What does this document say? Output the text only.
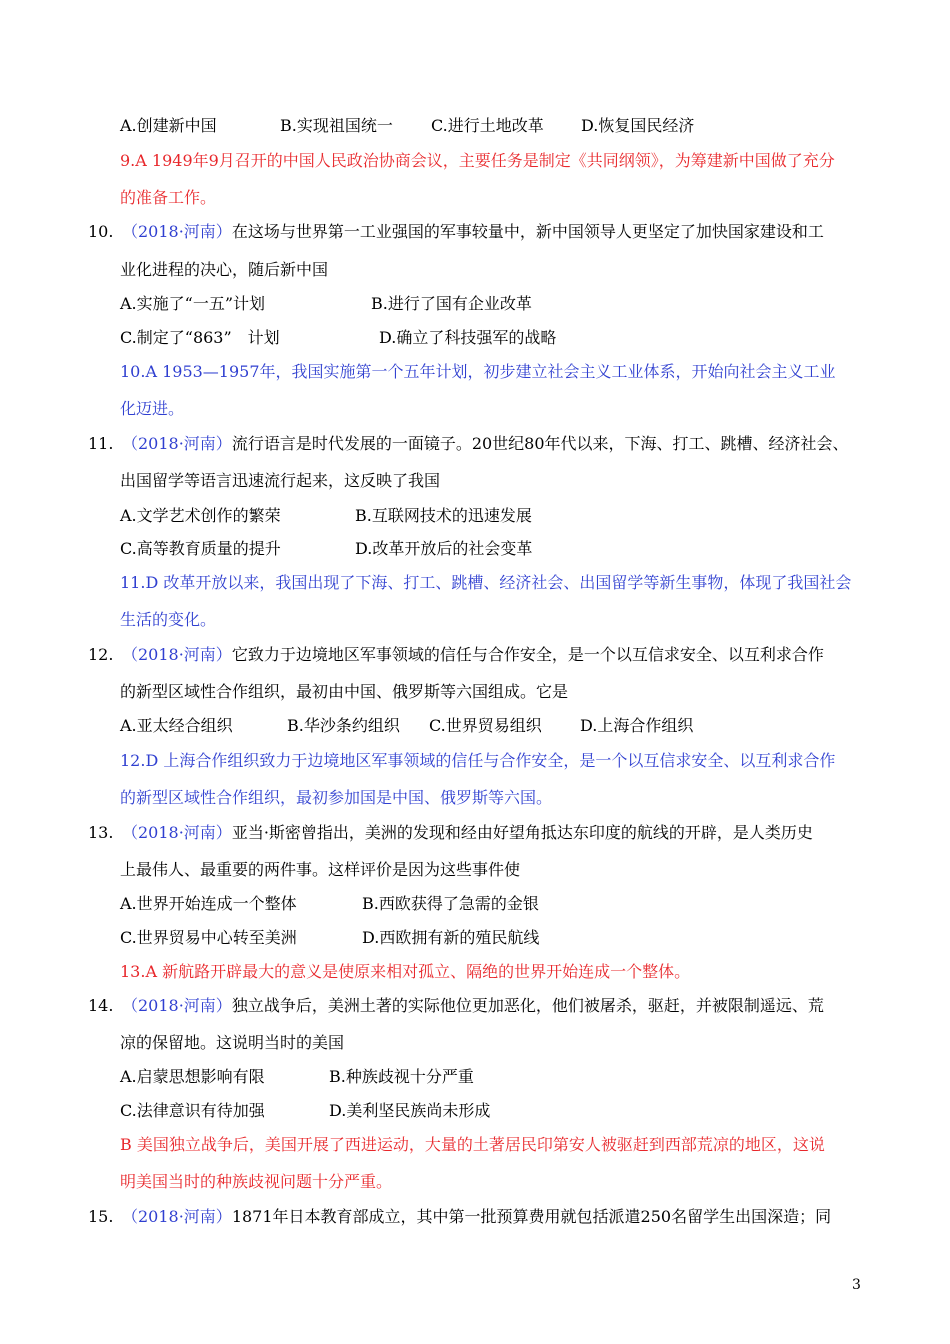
A.创建新中国	B.实现祖国统一 C.进行土地改革 D.恢复国民经济
9.A 1949年9月召开的中国人民政治协商会议，主要任务是制定《共同纲领》，为筹建新中国做了充分
的准备工作。
10. （2018·河南）在这场与世界第一工业强国的军事较量中，新中国领导人更坚定了加快国家建设和工
业化进程的决心，随后新中国
A.实施了“一五”计划	B.进行了国有企业改革
C.制定了“863”　计划	D.确立了科技强军的战略
10.A 1953—1957年，我国实施第一个五年计划，初步建立社会主义工业体系，开始向社会主义工业
化迈进。
11. （2018·河南）流行语言是时代发展的一面镜子。20世纪80年代以来，下海、打工、跳槽、经济社会、
出国留学等语言迅速流行起来，这反映了我国
A.文学艺术创作的繁荣	B.互联网技术的迅速发展
C.高等教育质量的提升	D.改革开放后的社会变革
11.D 改革开放以来，我国出现了下海、打工、跳槽、经济社会、出国留学等新生事物，体现了我国社会
生活的变化。
12. （2018·河南）它致力于边境地区军事领域的信任与合作安全，是一个以互信求安全、以互利求合作
的新型区域性合作组织，最初由中国、俄罗斯等六国组成。它是
A.亚太经合组织	B.华沙条约组织 C.世界贸易组织 D.上海合作组织
12.D 上海合作组织致力于边境地区军事领域的信任与合作安全，是一个以互信求安全、以互利求合作
的新型区域性合作组织，最初参加国是中国、俄罗斯等六国。
13. （2018·河南）亚当·斯密曾指出，美洲的发现和经由好望角抵达东印度的航线的开辟，是人类历史
上最伟人、最重要的两件事。这样评价是因为这些事件使
A.世界开始连成一个整体	B.西欧获得了急需的金银
C.世界贸易中心转至美洲	D.西欧拥有新的殖民航线
13.A 新航路开辟最大的意义是使原来相对孤立、隔绝的世界开始连成一个整体。
14. （2018·河南）独立战争后，美洲土著的实际他位更加恶化，他们被屠杀，驱赶，并被限制遥远、荒
凉的保留地。这说明当时的美国
A.启蒙思想影响有限	B.种族歧视十分严重
C.法律意识有待加强	D.美利坚民族尚未形成
B 美国独立战争后，美国开展了西进运动，大量的土著居民印第安人被驱赶到西部荒凉的地区，这说
明美国当时的种族歧视问题十分严重。
15. （2018·河南）1871年日本教育部成立，其中第一批预算费用就包括派遣250名留学生出国深造；同
3
